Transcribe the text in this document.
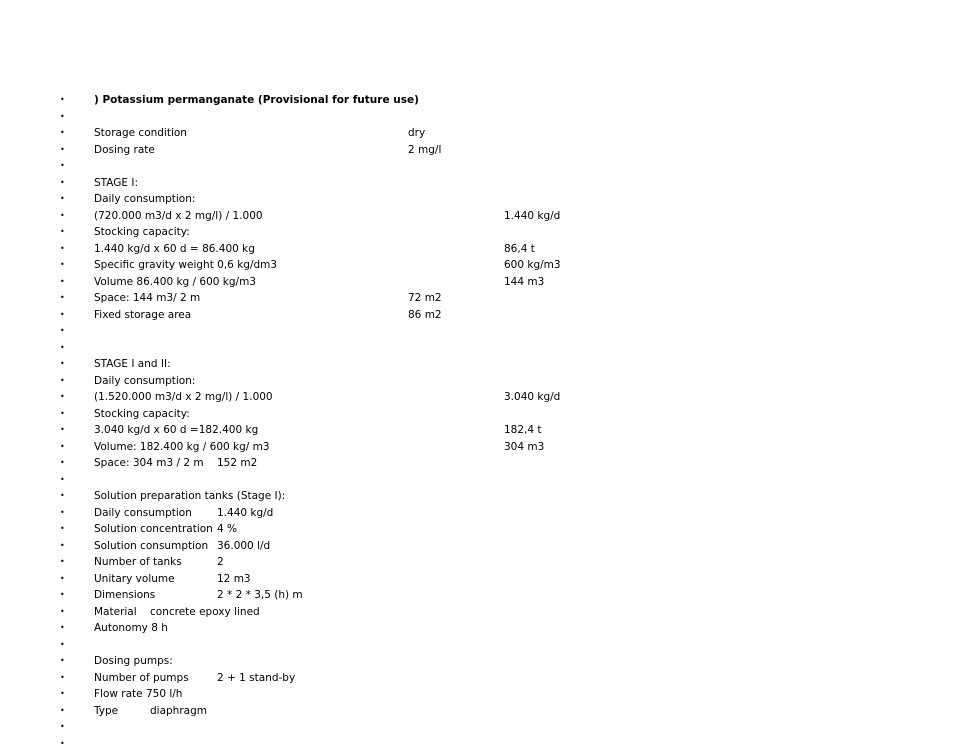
•	) Potassium permanganate (Provisional for future use)
•
•	Storage condition	dry
•	Dosing rate	2 mg/l
•
•	STAGE I:
•	Daily consumption:
•	(720.000 m3/d x 2 mg/l) / 1.000	1.440 kg/d
•	Stocking capacity:
•	1.440 kg/d x 60 d = 86.400 kg	86,4 t
•	Specific gravity weight 0,6 kg/dm3	600 kg/m3
•	Volume 86.400 kg / 600 kg/m3	144 m3
•	Space: 144 m3/ 2 m	72 m2
•	Fixed storage area	86 m2
•
•
•	STAGE I and II:
•	Daily consumption:
•	(1.520.000 m3/d x 2 mg/l) / 1.000	3.040 kg/d
•	Stocking capacity:
•	3.040 kg/d x 60 d =182.400 kg	182,4 t
•	Volume: 182.400 kg / 600 kg/ m3	304 m3
•	Space: 304 m3 / 2 m 152 m2
•
•	Solution preparation tanks (Stage I):
•	Daily consumption 1.440 kg/d
•	Solution concentration 4 %
•	Solution consumption 36.000 l/d
•	Number of tanks	2
•	Unitary volume	12 m3
•	Dimensions	2 * 2 * 3,5 (h) m
•	Material concrete epoxy lined
•	Autonomy 8 h
•
•	Dosing pumps:
•	Number of pumps	2 + 1 stand-by
•	Flow rate 750 l/h
•	Type	diaphragm
•
•
